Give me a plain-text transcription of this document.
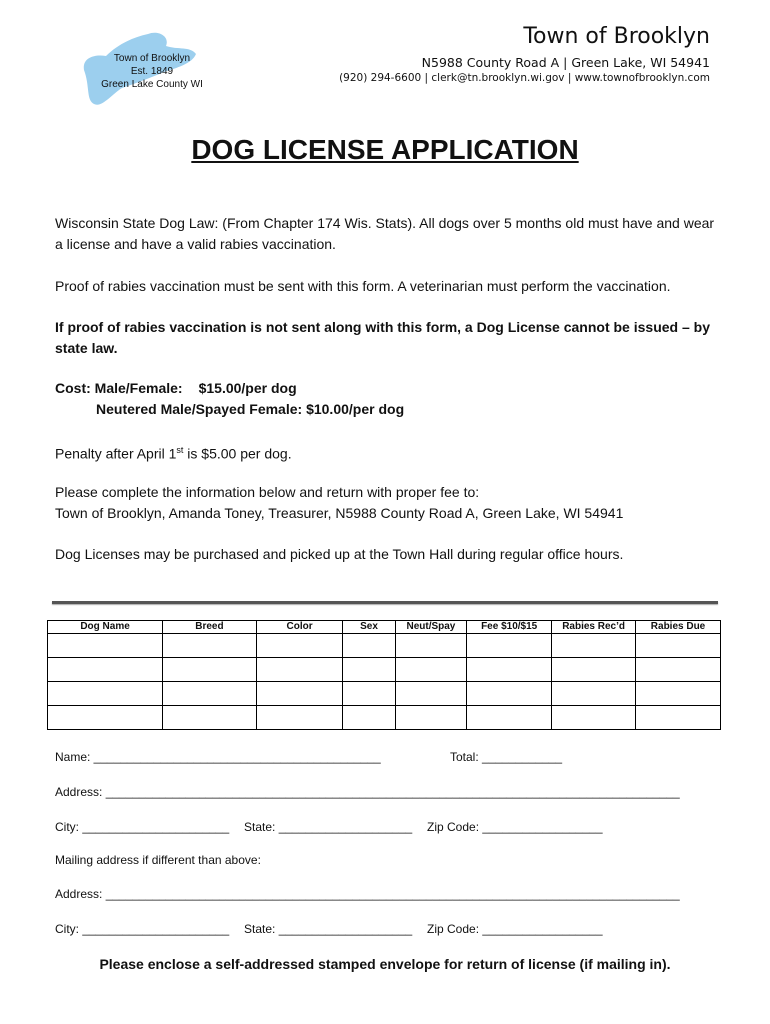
Town of Brooklyn
Est. 1849
Green Lake County WI
Town of Brooklyn
N5988 County Road A | Green Lake, WI 54941
(920) 294-6600 | clerk@tn.brooklyn.wi.gov | www.townofbrooklyn.com
DOG LICENSE APPLICATION
Wisconsin State Dog Law: (From Chapter 174 Wis. Stats). All dogs over 5 months old must have and wear a license and have a valid rabies vaccination.
Proof of rabies vaccination must be sent with this form. A veterinarian must perform the vaccination.
If proof of rabies vaccination is not sent along with this form, a Dog License cannot be issued – by state law.
Cost: Male/Female: $15.00/per dog
Neutered Male/Spayed Female: $10.00/per dog
Penalty after April 1st is $5.00 per dog.
Please complete the information below and return with proper fee to:
Town of Brooklyn, Amanda Toney, Treasurer, N5988 County Road A, Green Lake, WI 54941
Dog Licenses may be purchased and picked up at the Town Hall during regular office hours.
Dog Name	Breed	Color	Sex	Neut/Spay	Fee $10/$15	Rabies Rec’d	Rabies Due

Name: ___________________________________________	Total: ____________
Address: ______________________________________________________________________________________
City: ______________________ State: ____________________ Zip Code: __________________
Mailing address if different than above:
Address: ______________________________________________________________________________________
City: ______________________ State: ____________________ Zip Code: __________________
Please enclose a self-addressed stamped envelope for return of license (if mailing in).
